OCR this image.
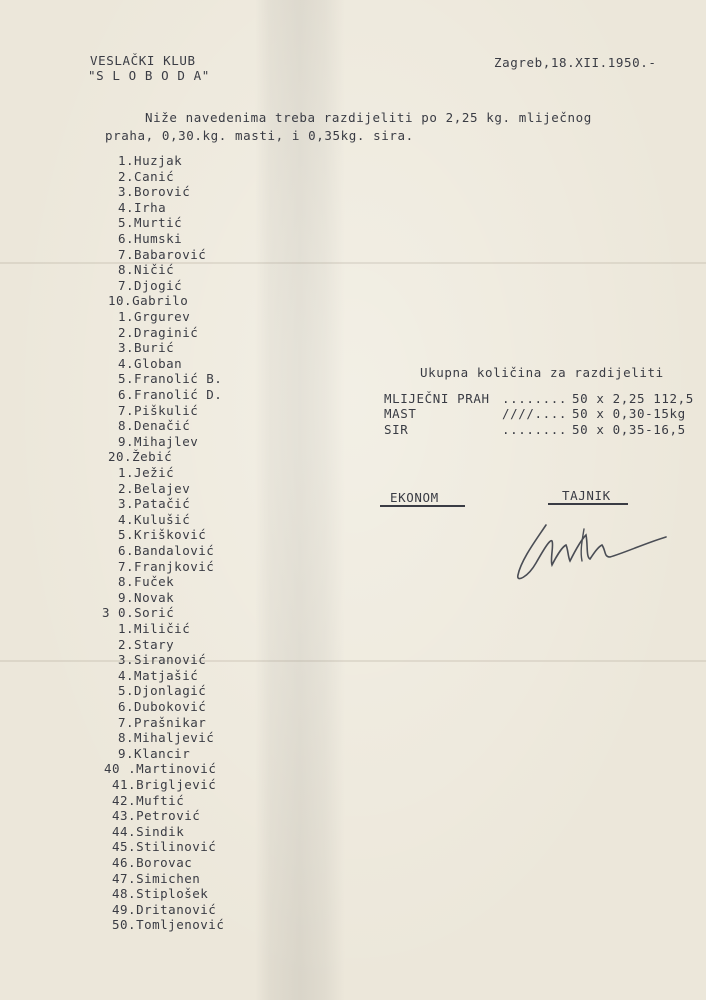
VESLAČKI KLUB
"S L O B O D A"
Zagreb,18.XII.1950.-
Niže navedenima treba razdijeliti po 2,25 kg. mliječnog
praha, 0,30.kg. masti, i 0,35kg. sira.
1.Huzjak
2.Canić
3.Borović
4.Irha
5.Murtić
6.Humski
7.Babarović
8.Ničić
7.Djogić
10.Gabrilo
1.Grgurev
2.Draginić
3.Burić
4.Globan
5.Franolić B.
6.Franolić D.
7.Piškulić
8.Denačić
9.Mihajlev
20.Žebić
1.Ježić
2.Belajev
3.Patačić
4.Kulušić
5.Krišković
6.Bandalović
7.Franjković
8.Fuček
9.Novak
3 0.Sorić
1.Miličić
2.Stary
3.Siranović
4.Matjašić
5.Djonlagić
6.Duboković
7.Prašnikar
8.Mihaljević
9.Klancir
40 .Martinović
41.Brigljević
42.Muftić
43.Petrović
44.Sindik
45.Stilinović
46.Borovac
47.Simichen
48.Stiplošek
49.Dritanović
50.Tomljenović
Ukupna količina za razdijeliti
MLIJEČNI PRAH ........ 50 x 2,25 112,5
MAST	////.... 50 x 0,30-15kg
SIR	........ 50 x 0,35-16,5
EKONOM	TAJNIK
